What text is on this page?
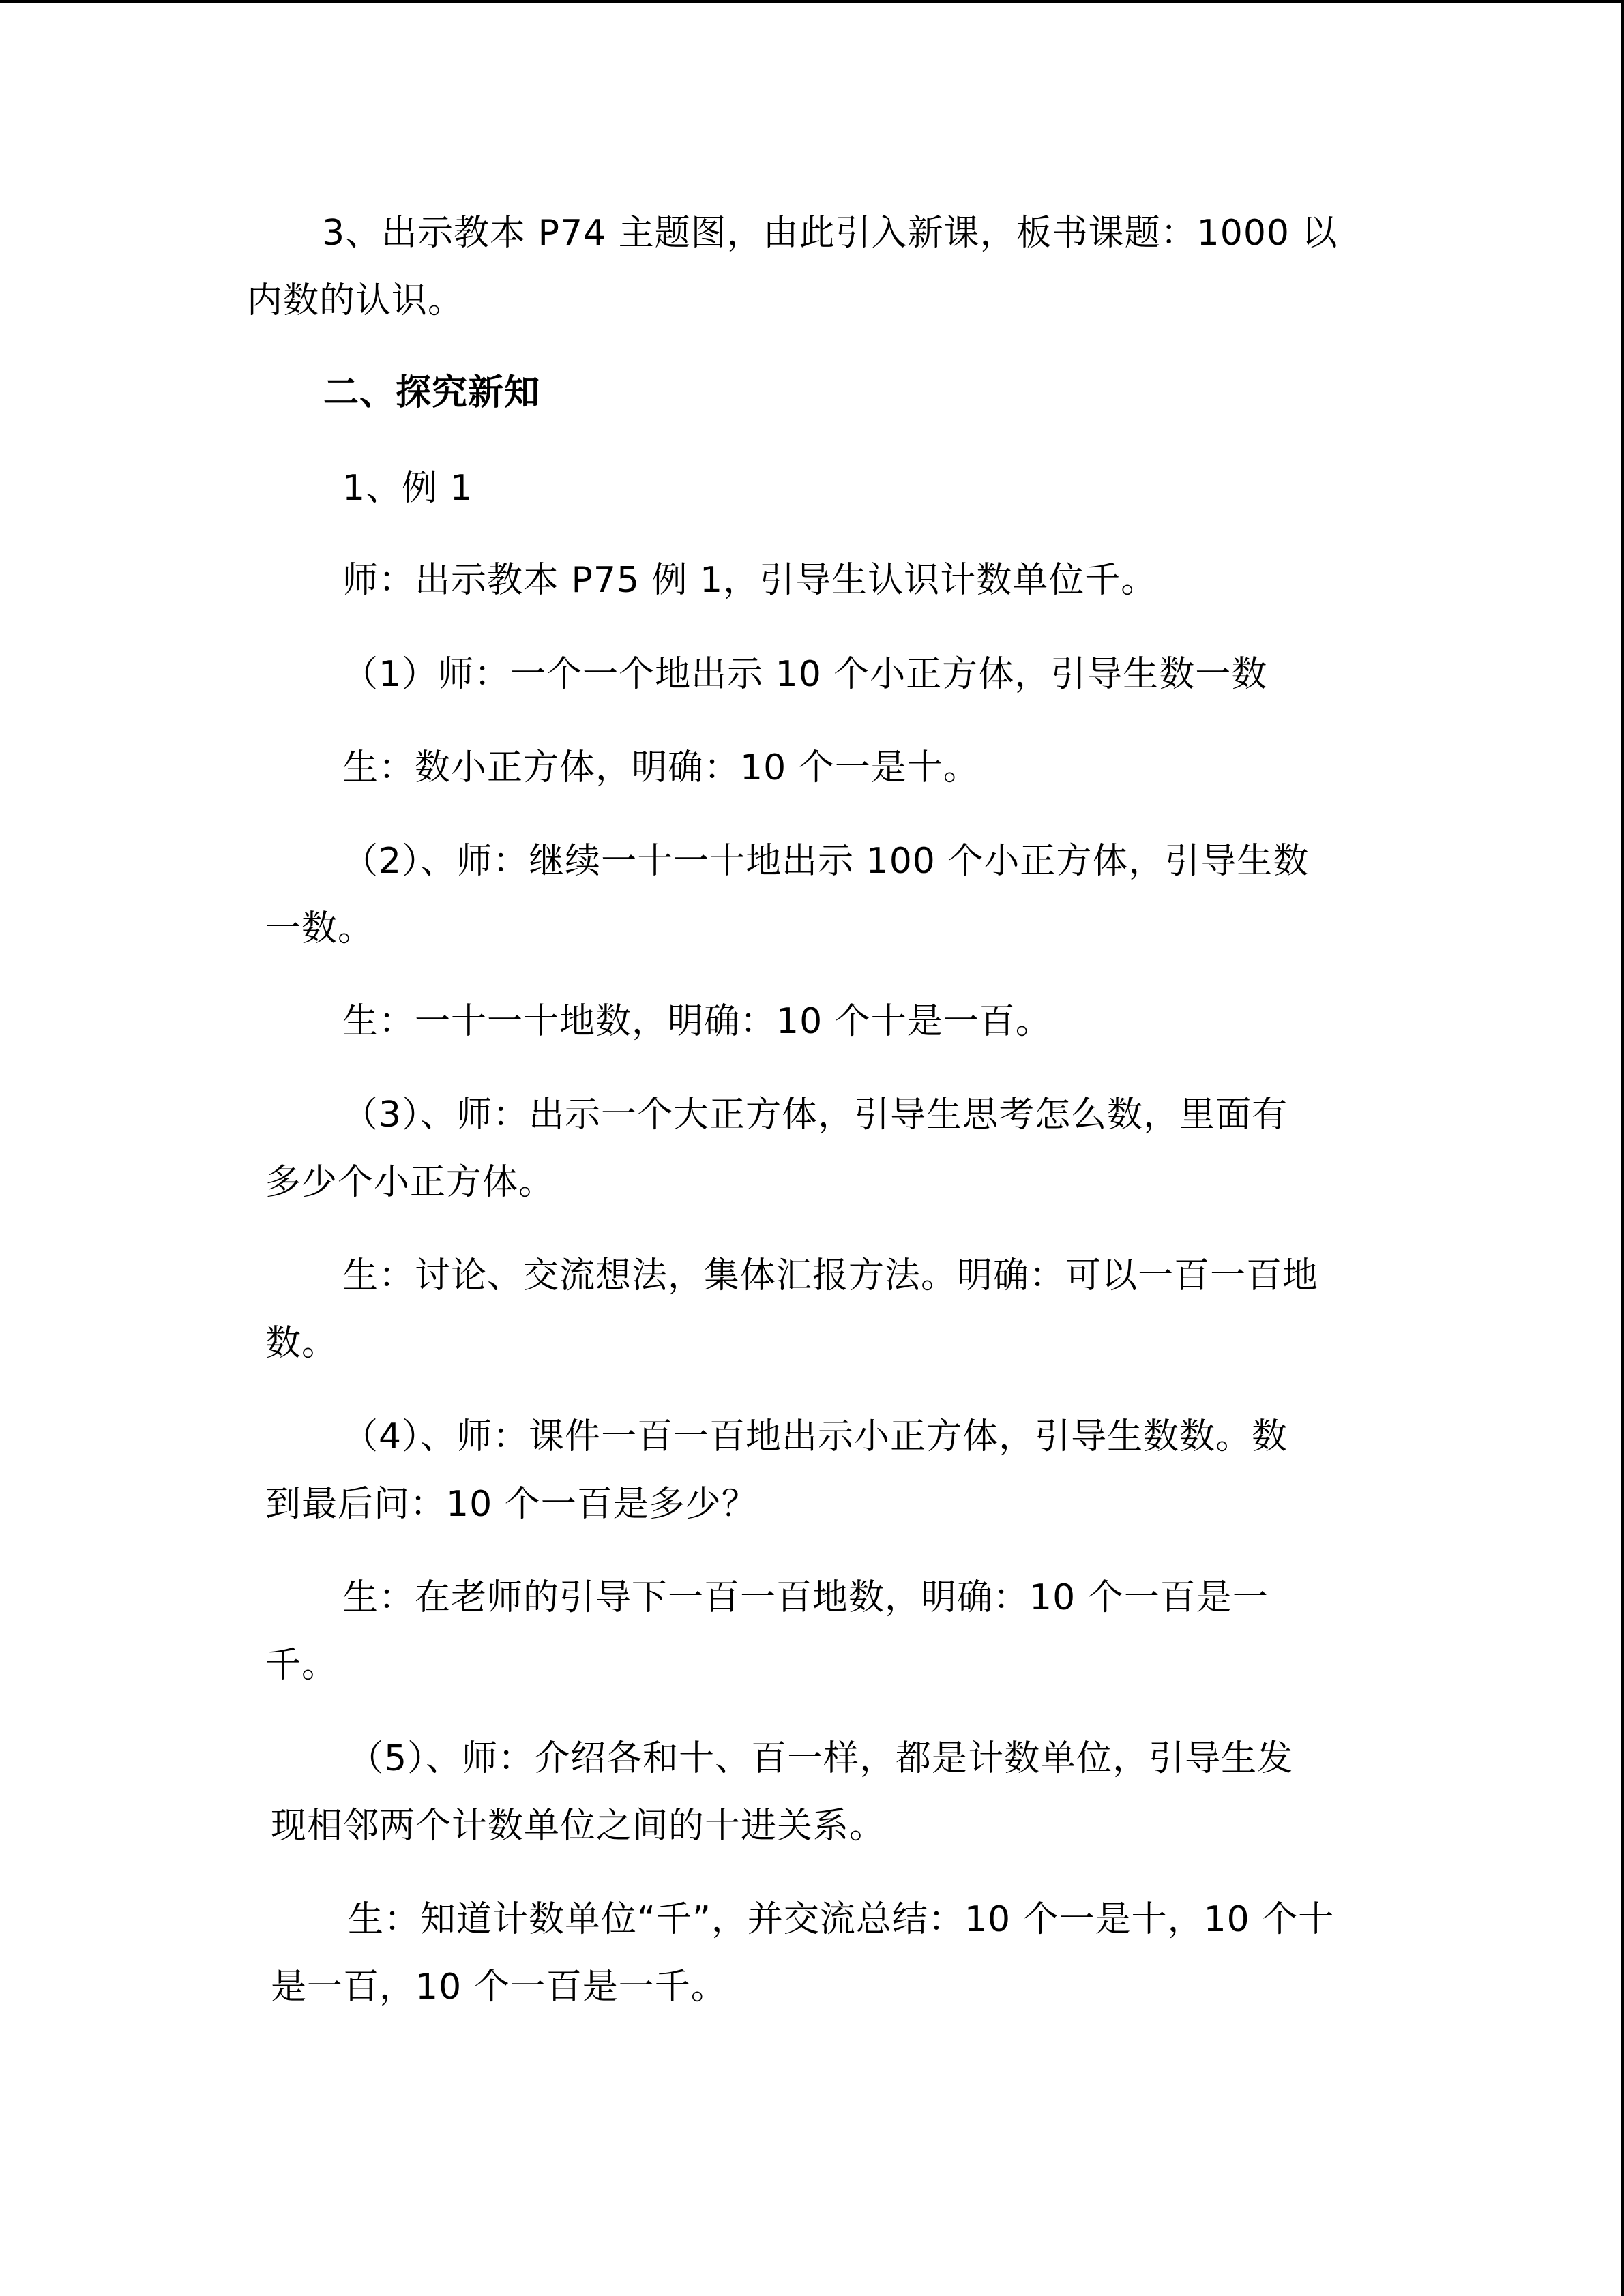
3、出示教本 P74 主题图，由此引入新课，板书课题：1000 以
内数的认识。
二、探究新知
1、例 1
师：出示教本 P75 例 1，引导生认识计数单位千。
（1）师：一个一个地出示 10 个小正方体，引导生数一数
生：数小正方体，明确：10 个一是十。
（2）、师：继续一十一十地出示 100 个小正方体，引导生数
一数。
生：一十一十地数，明确：10 个十是一百。
（3）、师：出示一个大正方体，引导生思考怎么数，里面有
多少个小正方体。
生：讨论、交流想法，集体汇报方法。明确：可以一百一百地
数。
（4）、师：课件一百一百地出示小正方体，引导生数数。数
到最后问：10 个一百是多少？
生：在老师的引导下一百一百地数，明确：10 个一百是一
千。
（5）、师：介绍各和十、百一样，都是计数单位，引导生发
现相邻两个计数单位之间的十进关系。
生：知道计数单位“千”，并交流总结：10 个一是十，10 个十
是一百，10 个一百是一千。
